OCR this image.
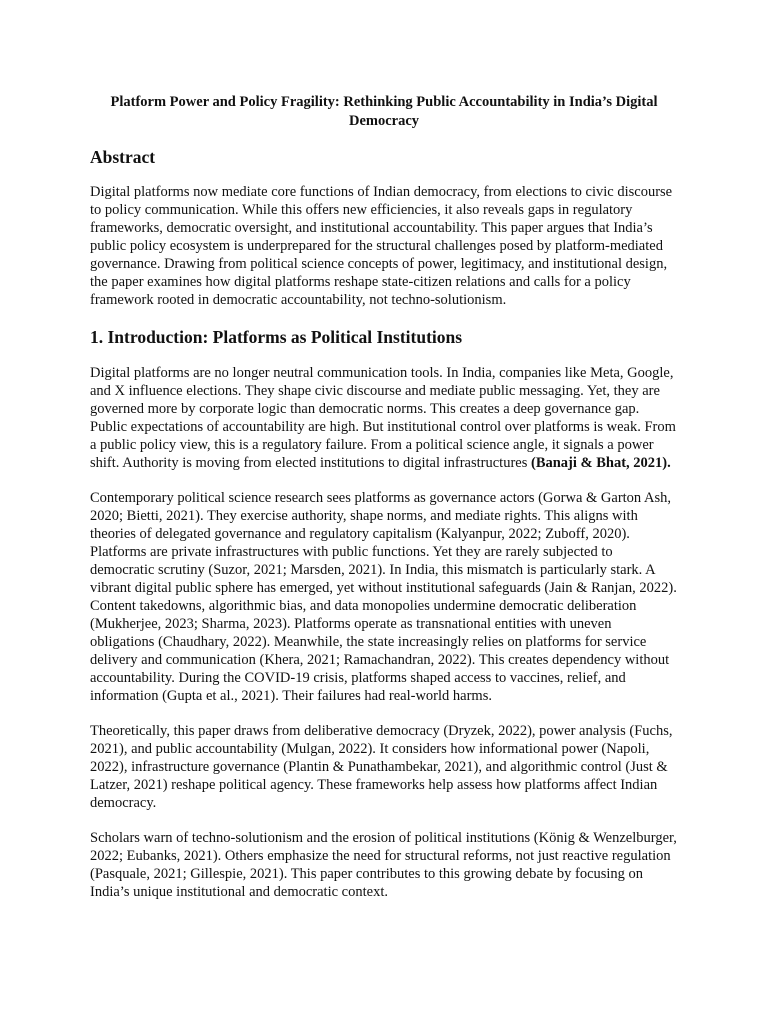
Platform Power and Policy Fragility: Rethinking Public Accountability in India’s Digital Democracy

Abstract

Digital platforms now mediate core functions of Indian democracy, from elections to civic discourse to policy communication. While this offers new efficiencies, it also reveals gaps in regulatory frameworks, democratic oversight, and institutional accountability. This paper argues that India’s public policy ecosystem is underprepared for the structural challenges posed by platform-mediated governance. Drawing from political science concepts of power, legitimacy, and institutional design, the paper examines how digital platforms reshape state-citizen relations and calls for a policy framework rooted in democratic accountability, not techno-solutionism.

1. Introduction: Platforms as Political Institutions

Digital platforms are no longer neutral communication tools. In India, companies like Meta, Google, and X influence elections. They shape civic discourse and mediate public messaging. Yet, they are governed more by corporate logic than democratic norms. This creates a deep governance gap. Public expectations of accountability are high. But institutional control over platforms is weak. From a public policy view, this is a regulatory failure. From a political science angle, it signals a power shift. Authority is moving from elected institutions to digital infrastructures (Banaji & Bhat, 2021).

Contemporary political science research sees platforms as governance actors (Gorwa & Garton Ash, 2020; Bietti, 2021). They exercise authority, shape norms, and mediate rights. This aligns with theories of delegated governance and regulatory capitalism (Kalyanpur, 2022; Zuboff, 2020). Platforms are private infrastructures with public functions. Yet they are rarely subjected to democratic scrutiny (Suzor, 2021; Marsden, 2021). In India, this mismatch is particularly stark. A vibrant digital public sphere has emerged, yet without institutional safeguards (Jain & Ranjan, 2022). Content takedowns, algorithmic bias, and data monopolies undermine democratic deliberation (Mukherjee, 2023; Sharma, 2023). Platforms operate as transnational entities with uneven obligations (Chaudhary, 2022). Meanwhile, the state increasingly relies on platforms for service delivery and communication (Khera, 2021; Ramachandran, 2022). This creates dependency without accountability. During the COVID-19 crisis, platforms shaped access to vaccines, relief, and information (Gupta et al., 2021). Their failures had real-world harms.

Theoretically, this paper draws from deliberative democracy (Dryzek, 2022), power analysis (Fuchs, 2021), and public accountability (Mulgan, 2022). It considers how informational power (Napoli, 2022), infrastructure governance (Plantin & Punathambekar, 2021), and algorithmic control (Just & Latzer, 2021) reshape political agency. These frameworks help assess how platforms affect Indian democracy.

Scholars warn of techno-solutionism and the erosion of political institutions (König & Wenzelburger, 2022; Eubanks, 2021). Others emphasize the need for structural reforms, not just reactive regulation (Pasquale, 2021; Gillespie, 2021). This paper contributes to this growing debate by focusing on India’s unique institutional and democratic context.
